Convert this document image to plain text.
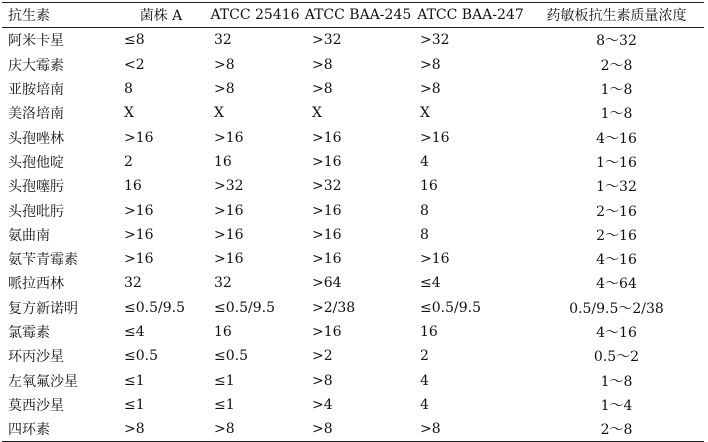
抗生素	菌株 A	ATCC 25416	ATCC BAA-245	ATCC BAA-247	药敏板抗生素质量浓度
阿米卡星	≤8	32	>32	>32	8～32
庆大霉素	<2	>8	>8	>8	2～8
亚胺培南	8	>8	>8	>8	1～8
美洛培南	X	X	X	X	1～8
头孢唑林	>16	>16	>16	>16	4～16
头孢他啶	2	16	>16	4	1～16
头孢噻肟	16	>32	>32	16	1～32
头孢吡肟	>16	>16	>16	8	2～16
氨曲南	>16	>16	>16	8	2～16
氨苄青霉素	>16	>16	>16	>16	4～16
哌拉西林	32	32	>64	≤4	4～64
复方新诺明	≤0.5/9.5	≤0.5/9.5	>2/38	≤0.5/9.5	0.5/9.5～2/38
氯霉素	≤4	16	>16	16	4～16
环丙沙星	≤0.5	≤0.5	>2	2	0.5～2
左氧氟沙星	≤1	≤1	>8	4	1～8
莫西沙星	≤1	≤1	>4	4	1～4
四环素	>8	>8	>8	>8	2～8
